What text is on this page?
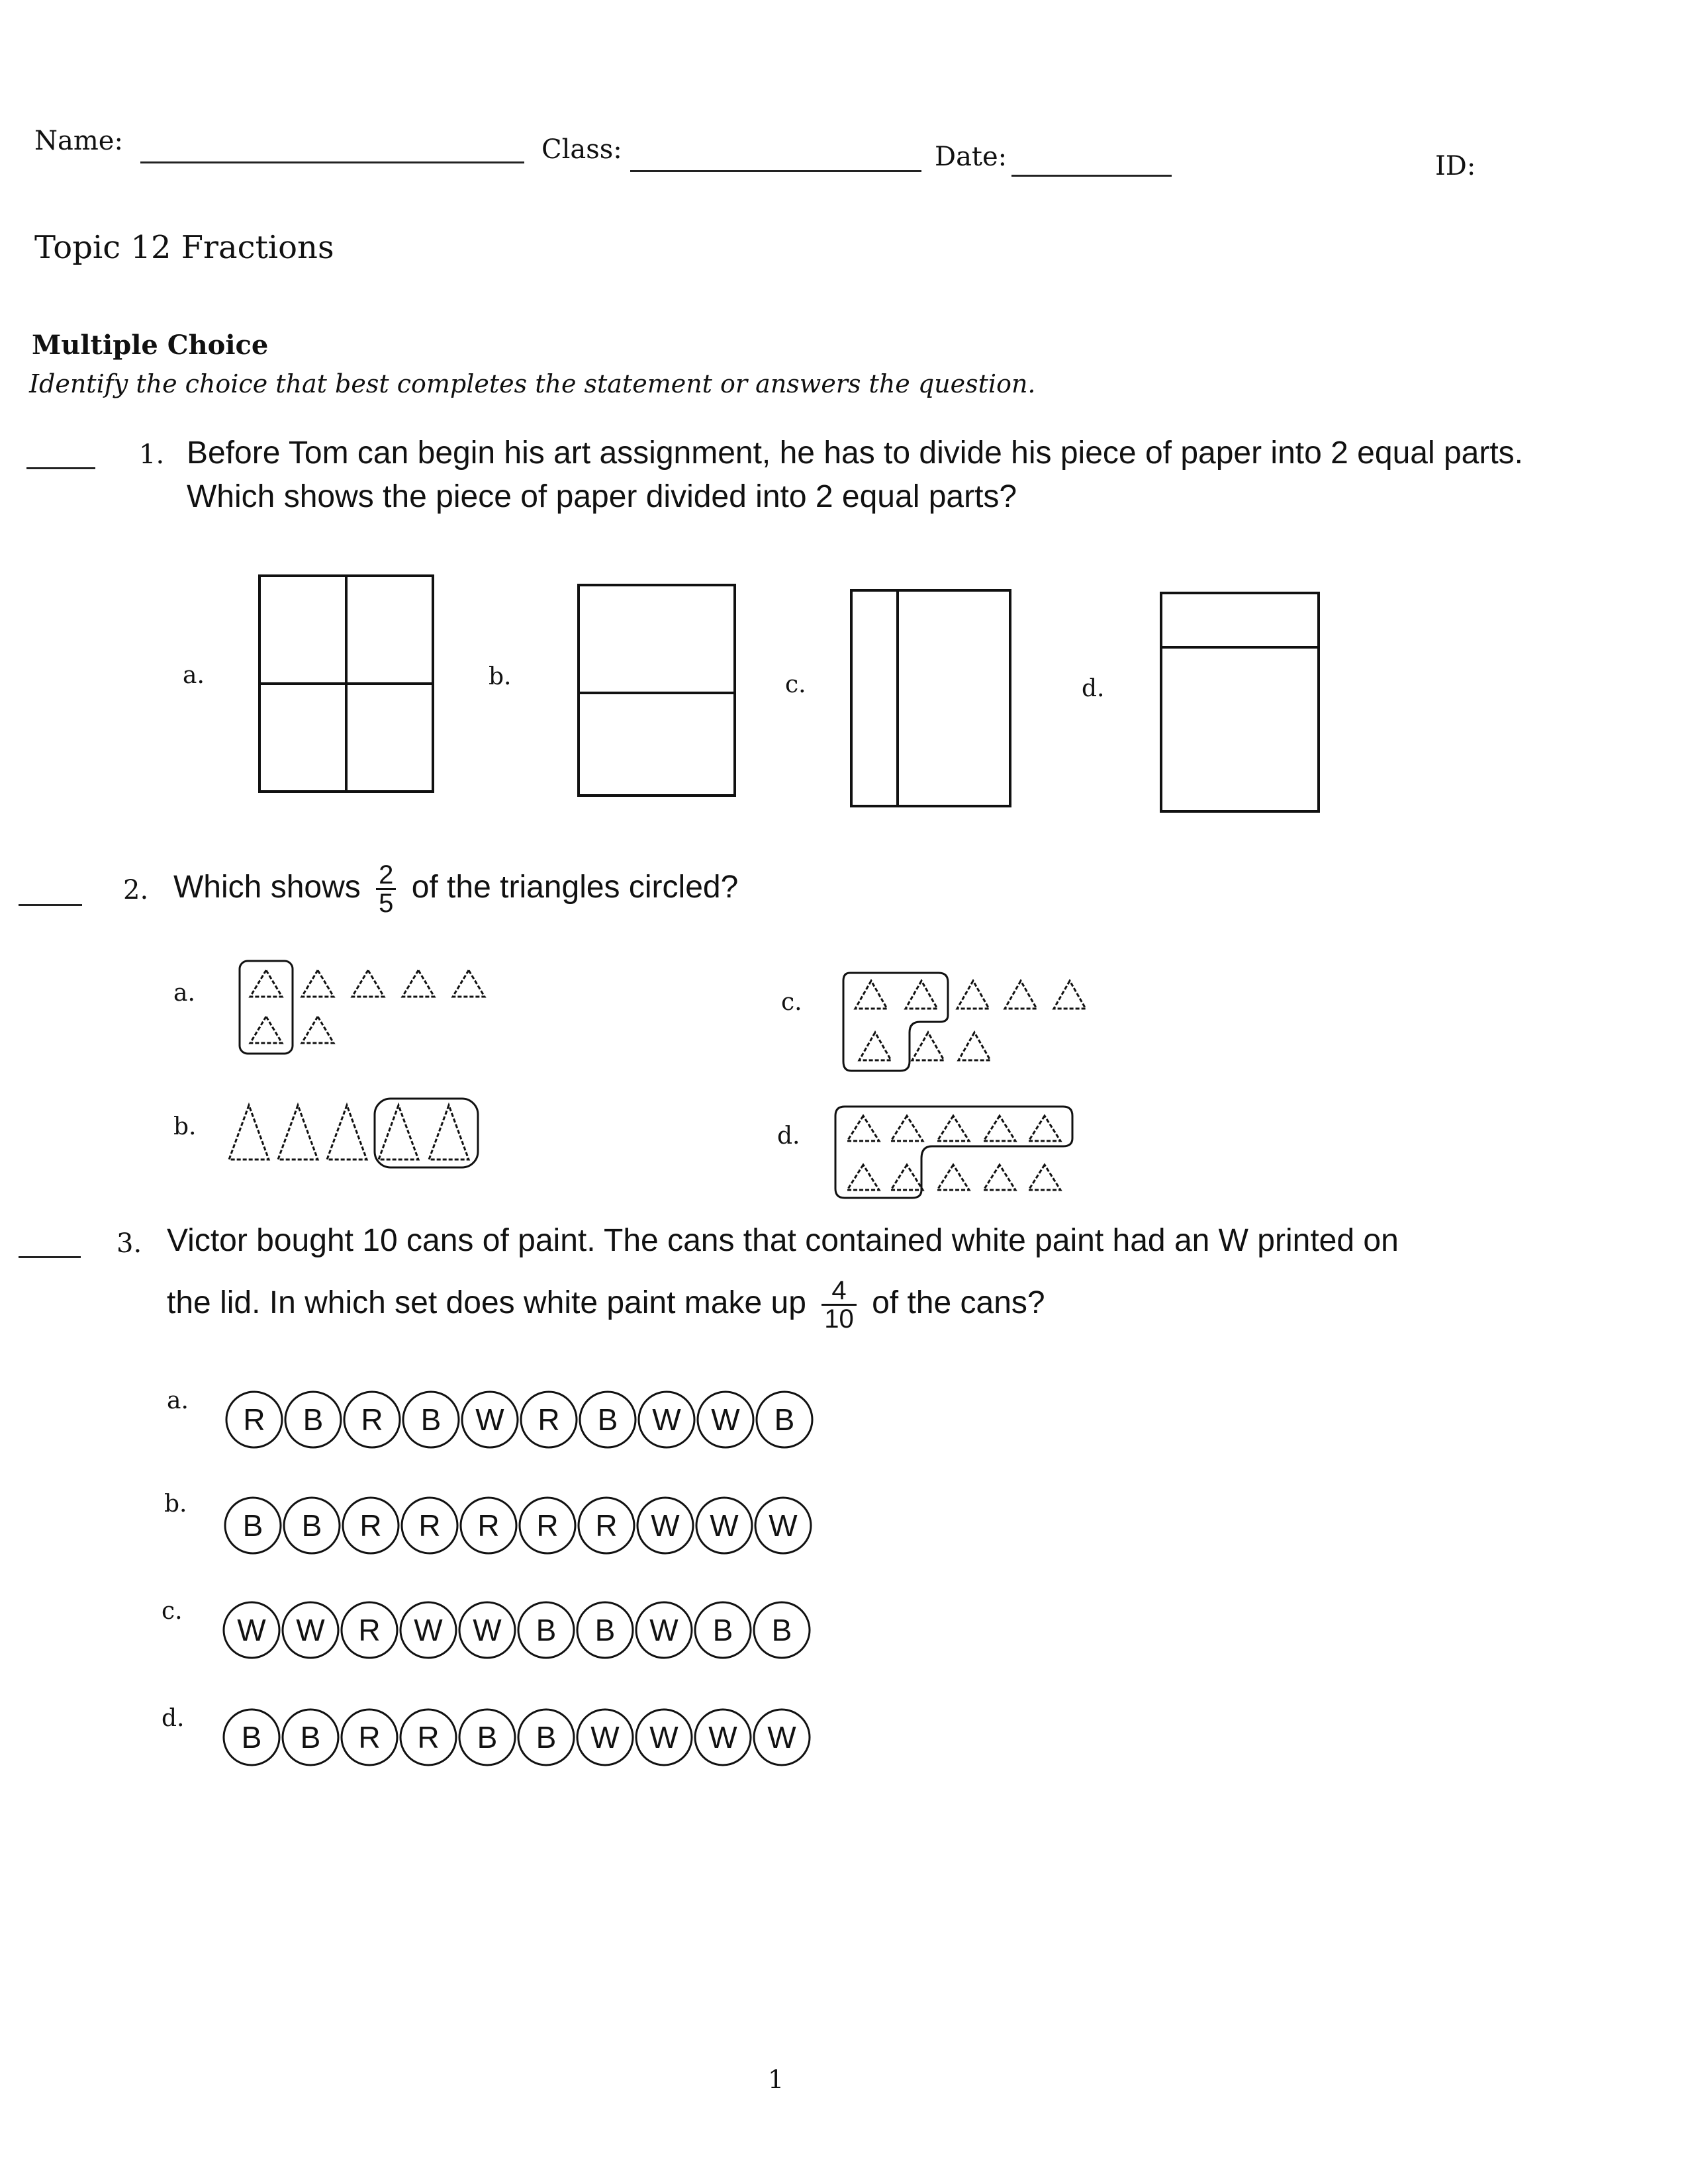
Name:	Class:	Date:	ID:
Topic 12 Fractions
Multiple Choice
Identify the choice that best completes the statement or answers the question.
1. Before Tom can begin his art assignment, he has to divide his piece of paper into 2 equal parts. Which shows the piece of paper divided into 2 equal parts?
a.	b.	c.	d.
2. Which shows $\frac{2}{5}$ of the triangles circled?
a.	c.
b.	d.
3. Victor bought 10 cans of paint. The cans that contained white paint had an W printed on
the lid. In which set does white paint make up $\frac{4}{10}$ of the cans?
a.
R B R B W R B W W B
b.
B B R R R R R W W W
c.
W W R W W B B W B B
d.
B B R R B B W W W W
1
